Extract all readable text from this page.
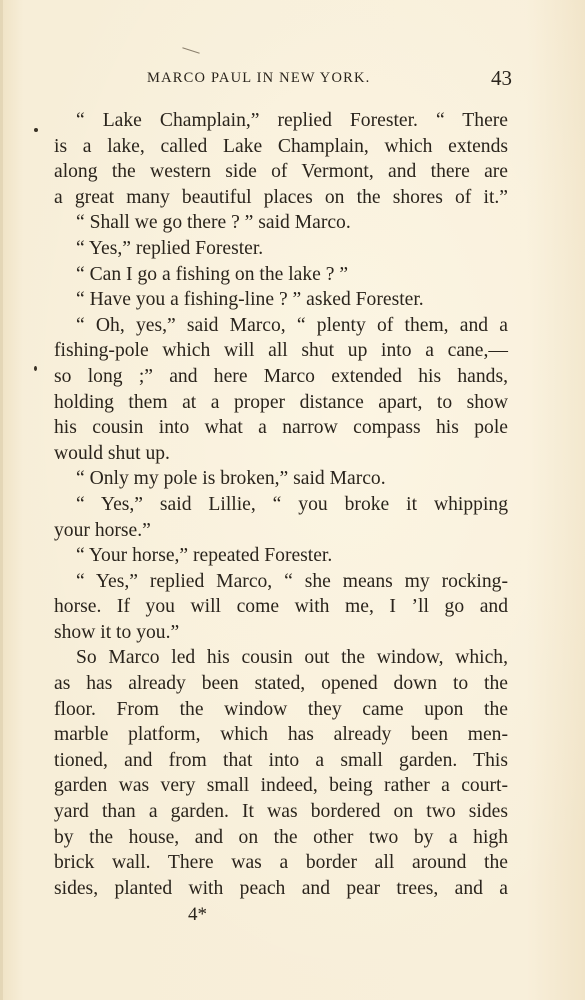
MARCO PAUL IN NEW YORK.	43
“ Lake Champlain,” replied Forester. “ There
is a lake, called Lake Champlain, which extends
along the western side of Vermont, and there are
a great many beautiful places on the shores of it.”
“ Shall we go there ? ” said Marco.
“ Yes,” replied Forester.
“ Can I go a fishing on the lake ? ”
“ Have you a fishing-line ? ” asked Forester.
“ Oh, yes,” said Marco, “ plenty of them, and a
fishing-pole which will all shut up into a cane,—
so long ;” and here Marco extended his hands,
holding them at a proper distance apart, to show
his cousin into what a narrow compass his pole
would shut up.
“ Only my pole is broken,” said Marco.
“ Yes,” said Lillie, “ you broke it whipping
your horse.”
“ Your horse,” repeated Forester.
“ Yes,” replied Marco, “ she means my rocking-
horse. If you will come with me, I ’ll go and
show it to you.”
So Marco led his cousin out the window, which,
as has already been stated, opened down to the
floor. From the window they came upon the
marble platform, which has already been men-
tioned, and from that into a small garden. This
garden was very small indeed, being rather a court-
yard than a garden. It was bordered on two sides
by the house, and on the other two by a high
brick wall. There was a border all around the
sides, planted with peach and pear trees, and a
4*
